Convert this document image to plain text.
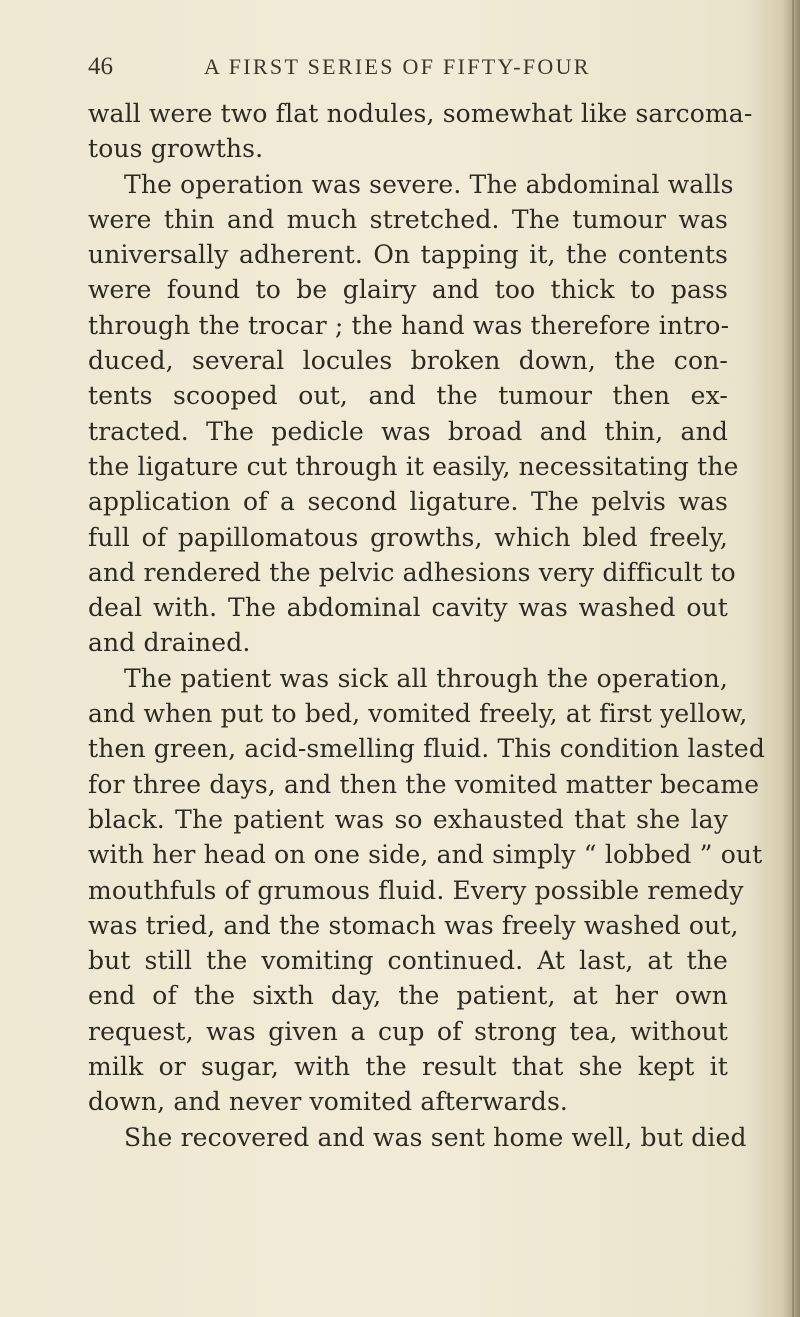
46	A FIRST SERIES OF FIFTY-FOUR
wall were two flat nodules, somewhat like sarcoma-
tous growths.
The operation was severe. The abdominal walls
were thin and much stretched. The tumour was
universally adherent. On tapping it, the contents
were found to be glairy and too thick to pass
through the trocar ; the hand was therefore intro-
duced, several locules broken down, the con-
tents scooped out, and the tumour then ex-
tracted. The pedicle was broad and thin, and
the ligature cut through it easily, necessitating the
application of a second ligature. The pelvis was
full of papillomatous growths, which bled freely,
and rendered the pelvic adhesions very difficult to
deal with. The abdominal cavity was washed out
and drained.
The patient was sick all through the operation,
and when put to bed, vomited freely, at first yellow,
then green, acid-smelling fluid. This condition lasted
for three days, and then the vomited matter became
black. The patient was so exhausted that she lay
with her head on one side, and simply “ lobbed ” out
mouthfuls of grumous fluid. Every possible remedy
was tried, and the stomach was freely washed out,
but still the vomiting continued. At last, at the
end of the sixth day, the patient, at her own
request, was given a cup of strong tea, without
milk or sugar, with the result that she kept it
down, and never vomited afterwards.
She recovered and was sent home well, but died
